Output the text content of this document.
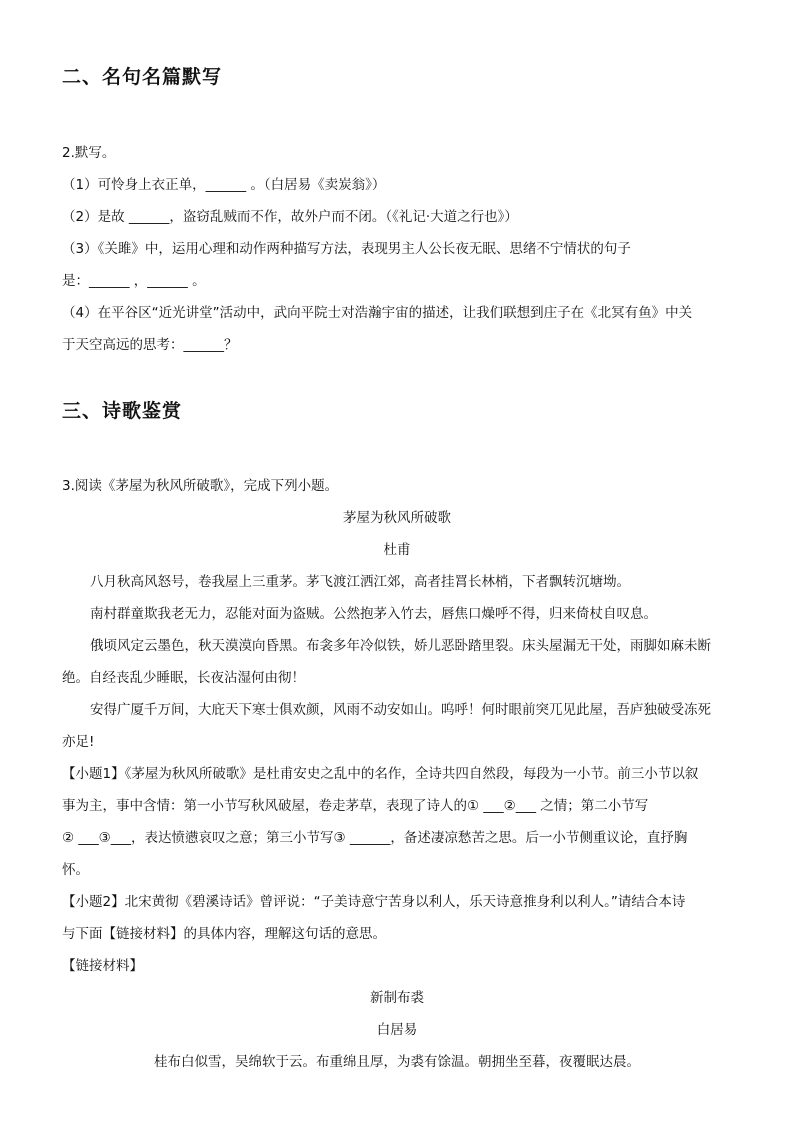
二、名句名篇默写
2.默写。
（1）可怜身上衣正单，______ 。（白居易《卖炭翁》）
（2）是故 ______，盗窃乱贼而不作，故外户而不闭。（《礼记·大道之行也》）
（3）《关雎》中，运用心理和动作两种描写方法，表现男主人公长夜无眠、思绪不宁情状的句子
是：______ ，______ 。
（4）在平谷区“近光讲堂”活动中，武向平院士对浩瀚宇宙的描述，让我们联想到庄子在《北冥有鱼》中关
于天空高远的思考：______？
三、诗歌鉴赏
3.阅读《茅屋为秋风所破歌》，完成下列小题。
茅屋为秋风所破歌
杜甫
八月秋高风怒号，卷我屋上三重茅。茅飞渡江洒江郊，高者挂罥长林梢，下者飘转沉塘坳。
南村群童欺我老无力，忍能对面为盗贼。公然抱茅入竹去，唇焦口燥呼不得，归来倚杖自叹息。
俄顷风定云墨色，秋天漠漠向昏黑。布衾多年冷似铁，娇儿恶卧踏里裂。床头屋漏无干处，雨脚如麻未断
绝。自经丧乱少睡眠，长夜沾湿何由彻！
安得广厦千万间，大庇天下寒士俱欢颜，风雨不动安如山。呜呼！何时眼前突兀见此屋，吾庐独破受冻死
亦足!
【小题1】《茅屋为秋风所破歌》是杜甫安史之乱中的名作，全诗共四自然段，每段为一小节。前三小节以叙
事为主，事中含情：第一小节写秋风破屋，卷走茅草，表现了诗人的① ___②___ 之情；第二小节写
② ___③___，表达愤懑哀叹之意；第三小节写③ ______，备述凄凉愁苦之思。后一小节侧重议论，直抒胸
怀。
【小题2】北宋黄彻《碧溪诗话》曾评说：“子美诗意宁苦身以利人，乐天诗意推身利以利人。”请结合本诗
与下面【链接材料】的具体内容，理解这句话的意思。
【链接材料】
新制布裘
白居易
桂布白似雪，吴绵软于云。布重绵且厚，为裘有馀温。朝拥坐至暮，夜覆眠达晨。
